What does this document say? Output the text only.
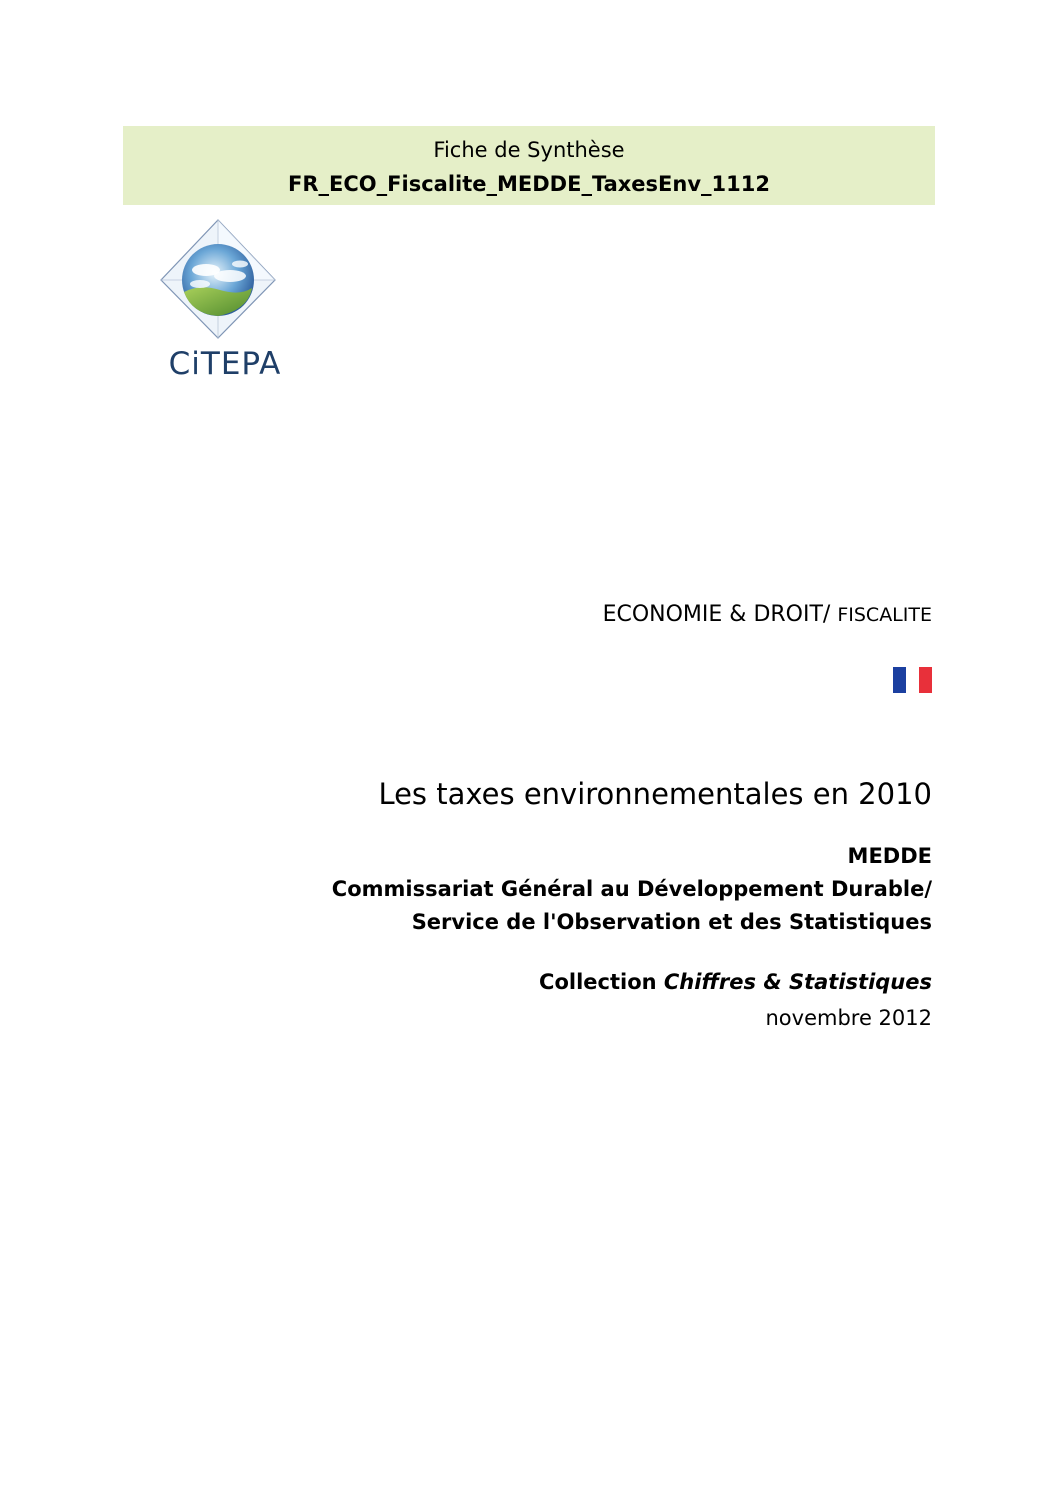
Fiche de Synthèse
FR_ECO_Fiscalite_MEDDE_TaxesEnv_1112
CiTEPA
ECONOMIE & DROIT/ FISCALITE
Les taxes environnementales en 2010
MEDDE
Commissariat Général au Développement Durable/
Service de l'Observation et des Statistiques
Collection Chiffres & Statistiques
novembre 2012
